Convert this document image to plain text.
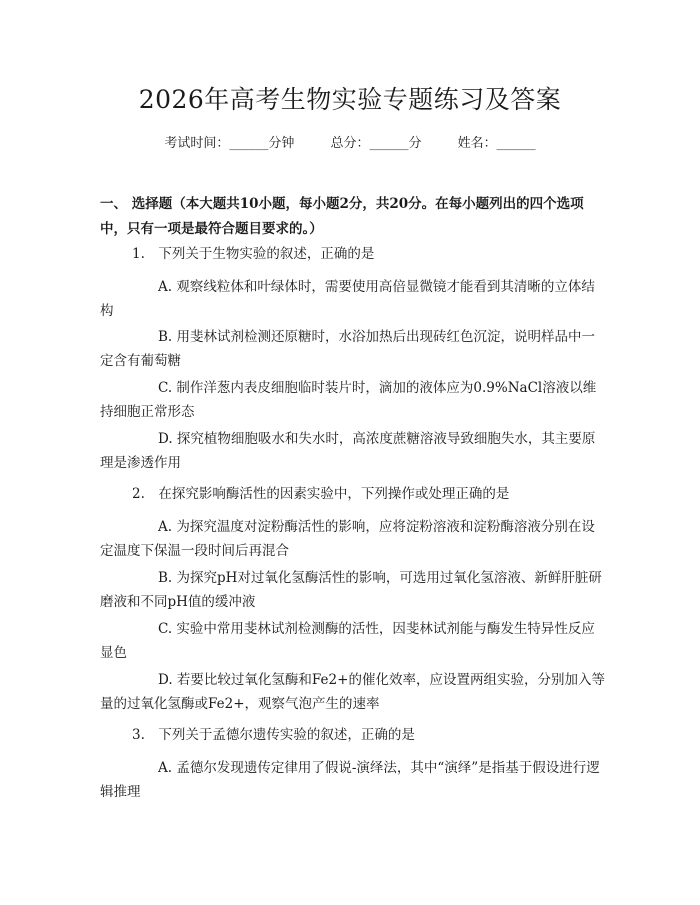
2026年高考生物实验专题练习及答案
考试时间：______分钟	总分：______分	姓名：______
一、 选择题（本大题共10小题，每小题2分，共20分。在每小题列出的四个选项中，只有一项是最符合题目要求的。）
1.　下列关于生物实验的叙述，正确的是
A. 观察线粒体和叶绿体时，需要使用高倍显微镜才能看到其清晰的立体结构
B. 用斐林试剂检测还原糖时，水浴加热后出现砖红色沉淀，说明样品中一定含有葡萄糖
C. 制作洋葱内表皮细胞临时装片时，滴加的液体应为0.9%NaCl溶液以维持细胞正常形态
D. 探究植物细胞吸水和失水时，高浓度蔗糖溶液导致细胞失水，其主要原理是渗透作用
2.　在探究影响酶活性的因素实验中，下列操作或处理正确的是
A. 为探究温度对淀粉酶活性的影响，应将淀粉溶液和淀粉酶溶液分别在设定温度下保温一段时间后再混合
B. 为探究pH对过氧化氢酶活性的影响，可选用过氧化氢溶液、新鲜肝脏研磨液和不同pH值的缓冲液
C. 实验中常用斐林试剂检测酶的活性，因斐林试剂能与酶发生特异性反应显色
D. 若要比较过氧化氢酶和Fe2+的催化效率，应设置两组实验，分别加入等量的过氧化氢酶或Fe2+，观察气泡产生的速率
3.　下列关于孟德尔遗传实验的叙述，正确的是
A. 孟德尔发现遗传定律用了假说-演绎法，其中“演绎”是指基于假设进行逻辑推理
